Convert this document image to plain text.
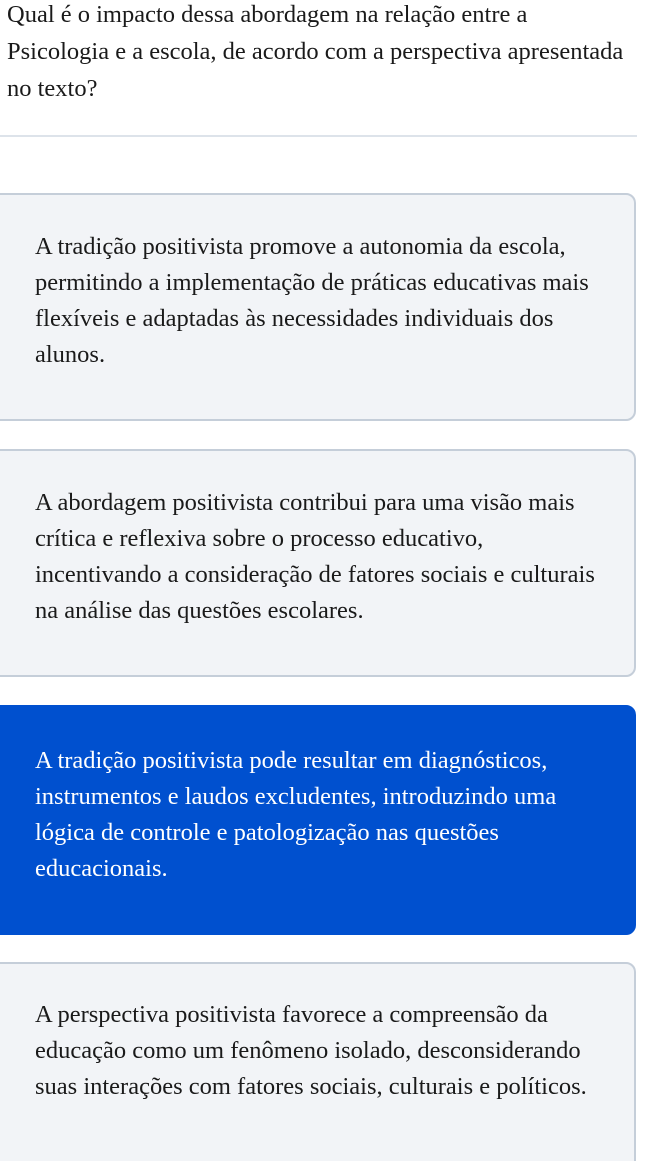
Qual é o impacto dessa abordagem na relação entre a Psicologia e a escola, de acordo com a perspectiva apresentada no texto?
A tradição positivista promove a autonomia da escola, permitindo a implementação de práticas educativas mais flexíveis e adaptadas às necessidades individuais dos alunos.
A abordagem positivista contribui para uma visão mais crítica e reflexiva sobre o processo educativo, incentivando a consideração de fatores sociais e culturais na análise das questões escolares.
A tradição positivista pode resultar em diagnósticos, instrumentos e laudos excludentes, introduzindo uma lógica de controle e patologização nas questões educacionais.
A perspectiva positivista favorece a compreensão da educação como um fenômeno isolado, desconsiderando suas interações com fatores sociais, culturais e políticos.
